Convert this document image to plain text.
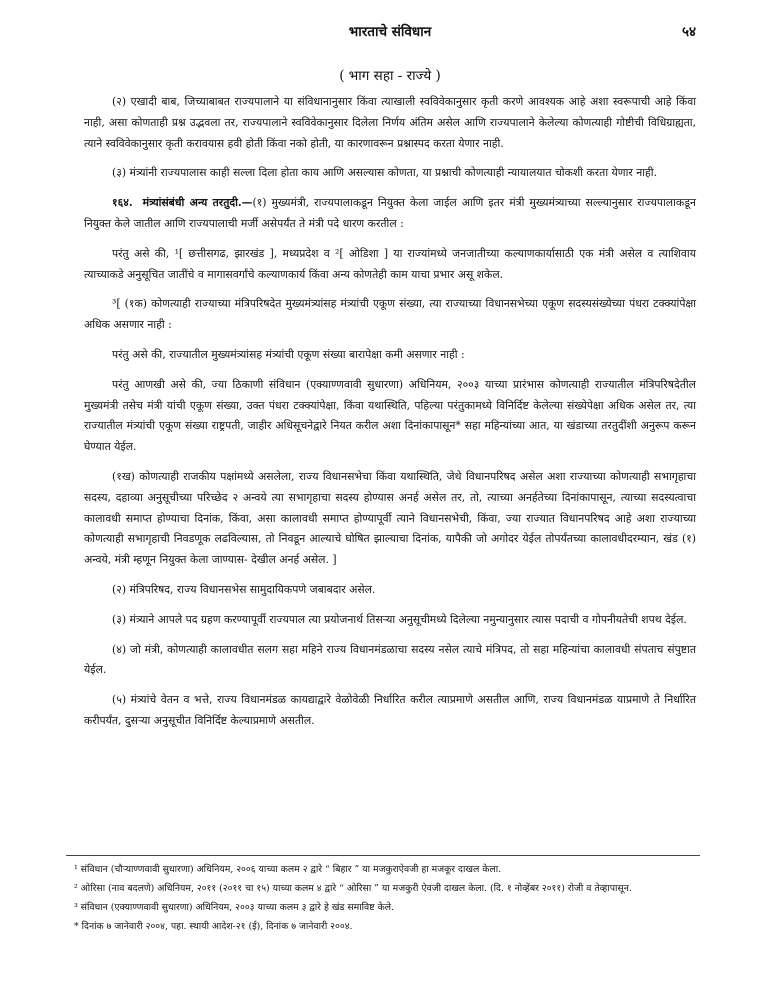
भारताचे संविधान	५४
( भाग सहा - राज्ये )

(२) एखादी बाब, जिच्याबाबत राज्यपालाने या संविधानानुसार किंवा त्याखाली स्वविवेकानुसार कृती करणे आवश्यक आहे अशा स्वरूपाची आहे किंवा नाही, असा कोणताही प्रश्न उद्भवला तर, राज्यपालाने स्वविवेकानुसार दिलेला निर्णय अंतिम असेल आणि राज्यपालाने केलेल्या कोणत्याही गोष्टीची विधिग्राह्यता, त्याने स्वविवेकानुसार कृती करावयास हवी होती किंवा नको होती, या कारणावरून प्रश्नास्पद करता येणार नाही.

(३) मंत्र्यांनी राज्यपालास काही सल्ला दिला होता काय आणि असल्यास कोणता, या प्रश्नाची कोणत्याही न्यायालयात चोकशी करता येणार नाही.

१६४. मंत्र्यांसंबंधी अन्य तरतुदी.—(१) मुख्यमंत्री, राज्यपालाकडून नियुक्त केला जाईल आणि इतर मंत्री मुख्यमंत्र्याच्या सल्ल्यानुसार राज्यपालाकडून नियुक्त केले जातील आणि राज्यपालाची मर्जी असेपर्यंत ते मंत्री पदे धारण करतील :

परंतु असे की, ¹[ छत्तीसगढ, झारखंड ], मध्यप्रदेश व ²[ ओडिशा ] या राज्यांमध्ये जनजातीच्या कल्याणकार्यासाठी एक मंत्री असेल व त्याशिवाय त्याच्याकडे अनुसूचित जातींचे व मागासवर्गांचे कल्याणकार्य किंवा अन्य कोणतेही काम याचा प्रभार असू शकेल.

³[ (१क) कोणत्याही राज्याच्या मंत्रिपरिषदेत मुख्यमंत्र्यांसह मंत्र्यांची एकूण संख्या, त्या राज्याच्या विधानसभेच्या एकूण सदस्यसंख्येच्या पंधरा टक्क्यांपेक्षा अधिक असणार नाही :

परंतु असे की, राज्यातील मुख्यमंत्र्यांसह मंत्र्यांची एकूण संख्या बारापेक्षा कमी असणार नाही :

परंतु आणखी असे की, ज्या ठिकाणी संविधान (एक्याण्णवावी सुधारणा) अधिनियम, २००३ याच्या प्रारंभास कोणत्याही राज्यातील मंत्रिपरिषदेतील मुख्यमंत्री तसेच मंत्री यांची एकूण संख्या, उक्त पंधरा टक्क्यांपेक्षा, किंवा यथास्थिति, पहिल्या परंतुकामध्ये विनिर्दिष्ट केलेल्या संख्येपेक्षा अधिक असेल तर, त्या राज्यातील मंत्र्यांची एकूण संख्या राष्ट्रपती, जाहीर अधिसूचनेद्वारे नियत करील अशा दिनांकापासून* सहा महिन्यांच्या आत, या खंडाच्या तरतुदींशी अनुरूप करून घेण्यात येईल.

(१ख) कोणत्याही राजकीय पक्षांमध्ये असलेला, राज्य विधानसभेचा किंवा यथास्थिति, जेथे विधानपरिषद असेल अशा राज्याच्या कोणत्याही सभागृहाचा सदस्य, दहाव्या अनुसूचीच्या परिच्छेद २ अन्वये त्या सभागृहाचा सदस्य होण्यास अनर्ह असेल तर, तो, त्याच्या अनर्हतेच्या दिनांकापासून, त्याच्या सदस्यत्वाचा कालावधी समाप्त होण्याचा दिनांक, किंवा, असा कालावधी समाप्त होण्यापूर्वी त्याने विधानसभेची, किंवा, ज्या राज्यात विधानपरिषद आहे अशा राज्याच्या कोणत्याही सभागृहाची निवडणूक लढविल्यास, तो निवडून आल्याचे घोषित झाल्याचा दिनांक, यापैकी जो अगोदर येईल तोपर्यंतच्या कालावधीदरम्यान, खंड (१) अन्वये, मंत्री म्हणून नियुक्त केला जाण्यास- देखील अनर्ह असेल. ]

(२) मंत्रिपरिषद, राज्य विधानसभेस सामुदायिकपणे जबाबदार असेल.

(३) मंत्र्याने आपले पद ग्रहण करण्यापूर्वी राज्यपाल त्या प्रयोजनार्थ तिसऱ्या अनुसूचीमध्ये दिलेल्या नमुन्यानुसार त्यास पदाची व गोपनीयतेची शपथ देईल.

(४) जो मंत्री, कोणत्याही कालावधीत सलग सहा महिने राज्य विधानमंडळाचा सदस्य नसेल त्याचे मंत्रिपद, तो सहा महिन्यांचा कालावधी संपताच संपुष्टात येईल.

(५) मंत्र्यांचे वेतन व भत्ते, राज्य विधानमंडळ कायद्याद्वारे वेळोवेळी निर्धारित करील त्याप्रमाणे असतील आणि, राज्य विधानमंडळ याप्रमाणे ते निर्धारित करीपर्यंत, दुसऱ्या अनुसूचीत विनिर्दिष्ट केल्याप्रमाणे असतील.

¹ संविधान (चौऱ्याण्णवावी सुधारणा) अधिनियम, २००६ याच्या कलम २ द्वारे “ बिहार ” या मजकुराऐवजी हा मजकूर दाखल केला.

² ओरिसा (नाव बदलणे) अधिनियम, २०११ (२०११ चा १५) याच्या कलम ४ द्वारे “ ओरिसा ” या मजकुरी ऐवजी दाखल केला. (दि. १ नोव्हेंबर २०११) रोजी व तेव्हापासून.

³ संविधान (एक्याण्णवावी सुधारणा) अधिनियम, २००३ याच्या कलम ३ द्वारे हे खंड समाविष्ट केले.

* दिनांक ७ जानेवारी २००४, पहा. स्थायी आदेश-२१ (ई), दिनांक ७ जानेवारी २००४.
